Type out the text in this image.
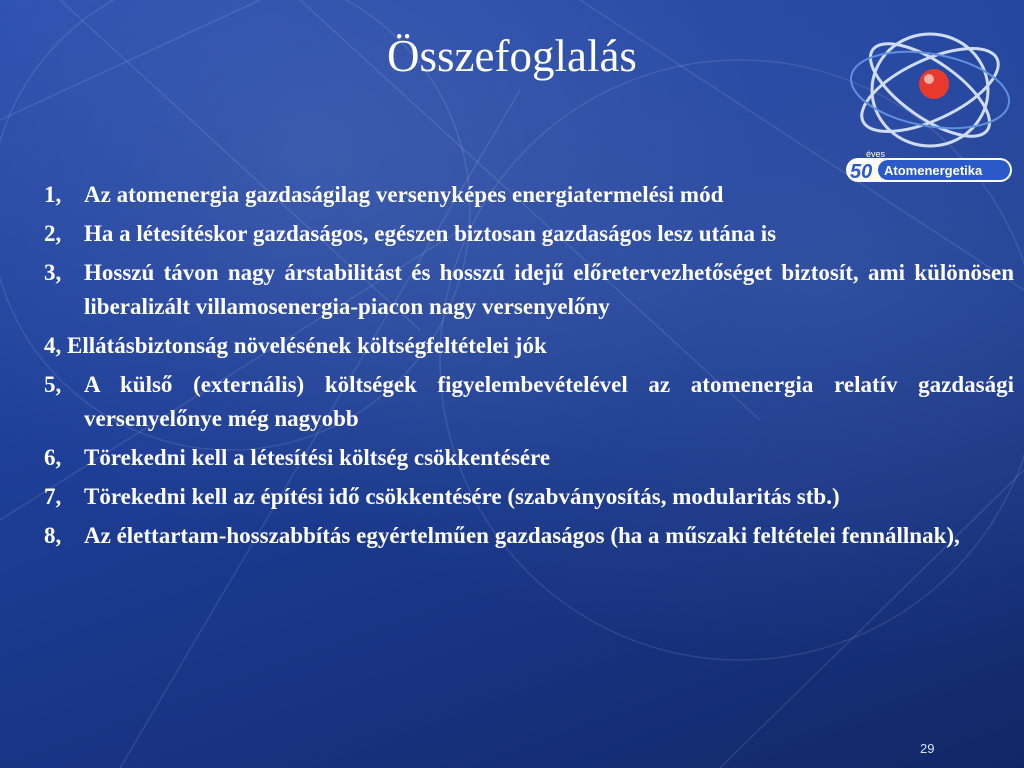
Összefoglalás
éves
50 Atomenergetika
1, Az atomenergia gazdaságilag versenyképes energiatermelési mód
2, Ha a létesítéskor gazdaságos, egészen biztosan gazdaságos lesz utána is
3, Hosszú távon nagy árstabilitást és hosszú idejű előretervezhetőséget biztosít, ami különösen liberalizált villamosenergia-piacon nagy versenyelőny
4, Ellátásbiztonság növelésének költségfeltételei jók
5, A külső (externális) költségek figyelembevételével az atomenergia relatív gazdasági versenyelőnye még nagyobb
6, Törekedni kell a létesítési költség csökkentésére
7, Törekedni kell az építési idő csökkentésére (szabványosítás, modularitás stb.)
8, Az élettartam-hosszabbítás egyértelműen gazdaságos (ha a műszaki feltételei fennállnak),
29
